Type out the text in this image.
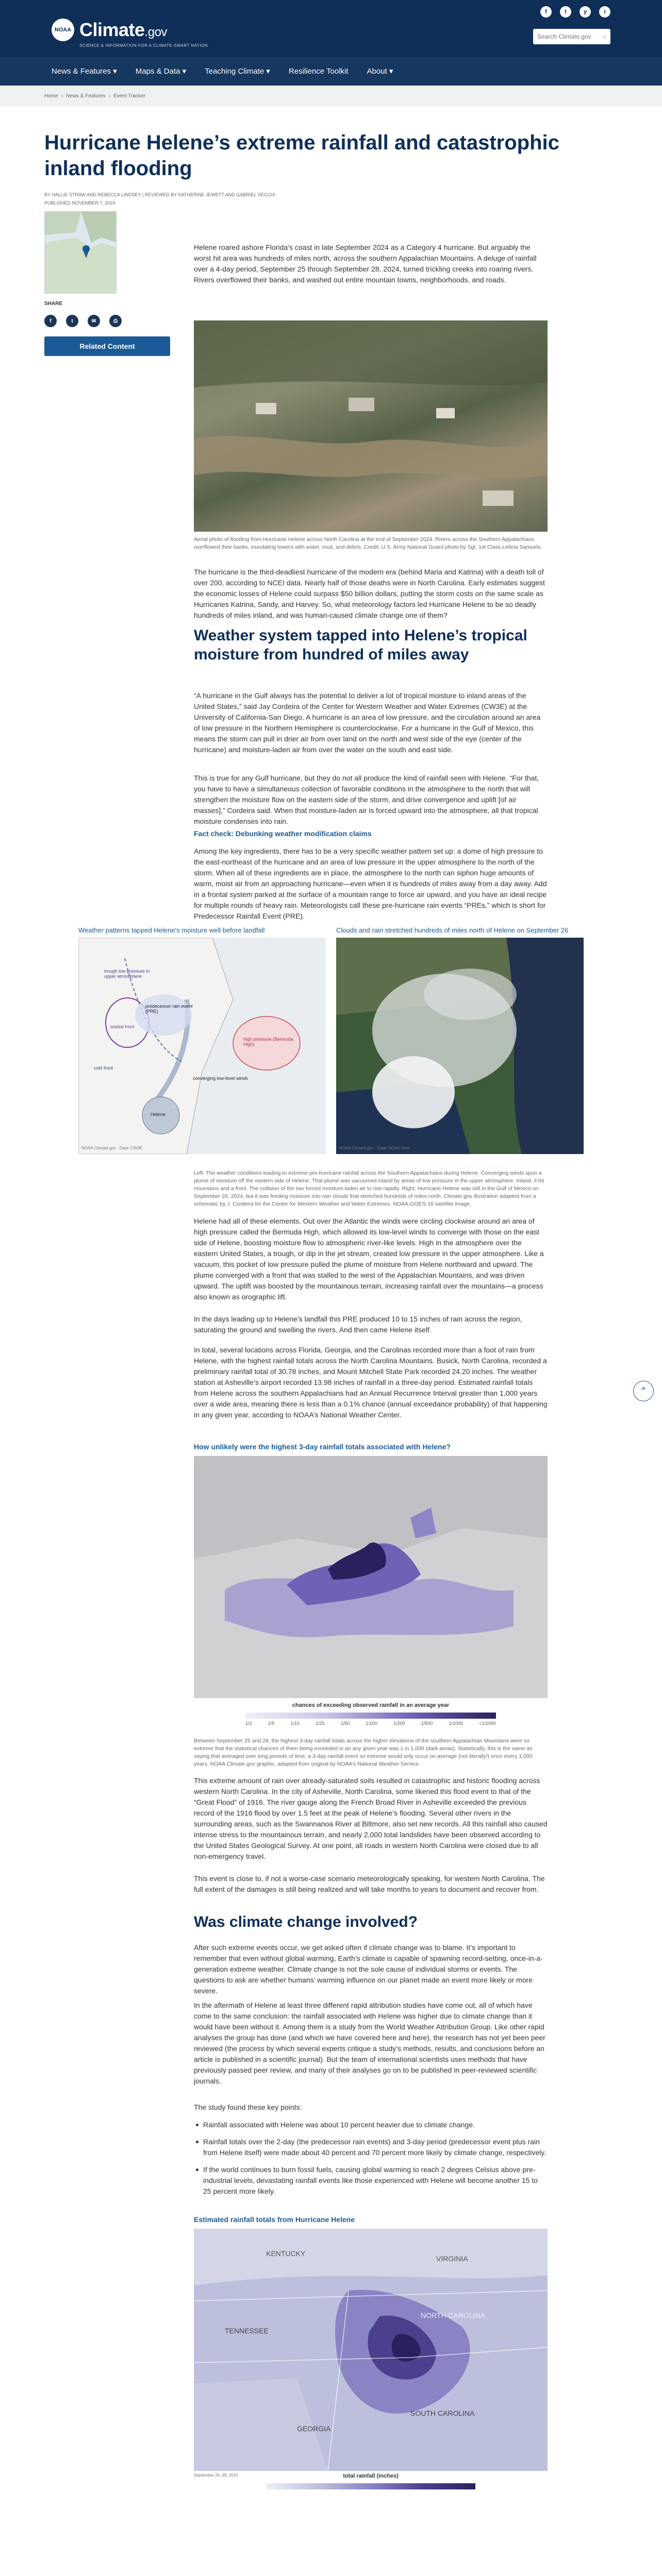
NOAA Climate.gov
SCIENCE & INFORMATION FOR A CLIMATE-SMART NATION
f	t	y	i
Search Climate.gov ⌕
News & Features ▾ Maps & Data ▾ Teaching Climate ▾ Resilience Toolkit About ▾
Home › News & Features › Event Tracker
Hurricane Helene’s extreme rainfall and catastrophic inland flooding
BY HALLIE STRAW AND REBECCA LINDSEY | REVIEWED BY KATHERINE JEWETT AND GABRIEL VECCHI
PUBLISHED NOVEMBER 7, 2024
SHARE
f	t	✉	⎙
Related Content

Helene roared ashore Florida’s coast in late September 2024 as a Category 4 hurricane. But arguably the worst hit area was hundreds of miles north, across the southern Appalachian Mountains. A deluge of rainfall over a 4-day period, September 25 through September 28, 2024, turned trickling creeks into roaring rivers. Rivers overflowed their banks, and washed out entire mountain towns, neighborhoods, and roads.

Aerial photo of flooding from Hurricane Helene across North Carolina at the end of September 2024. Rivers across the Southern Appalachians overflowed their banks, inundating towers with water, mud, and debris. Credit: U.S. Army National Guard photo by Sgt. 1st Class Leticia Samuels.

The hurricane is the third-deadliest hurricane of the modern era (behind Maria and Katrina) with a death toll of over 200, according to NCEI data. Nearly half of those deaths were in North Carolina. Early estimates suggest the economic losses of Helene could surpass $50 billion dollars, putting the storm costs on the same scale as Hurricanes Katrina, Sandy, and Harvey. So, what meteorology factors led Hurricane Helene to be so deadly hundreds of miles inland, and was human-caused climate change one of them?

Weather system tapped into Helene’s tropical moisture from hundred of miles away

“A hurricane in the Gulf always has the potential to deliver a lot of tropical moisture to inland areas of the United States,” said Jay Cordeira of the Center for Western Weather and Water Extremes (CW3E) at the University of California-San Diego. A hurricane is an area of low pressure, and the circulation around an area of low pressure in the Northern Hemisphere is counterclockwise. For a hurricane in the Gulf of Mexico, this means the storm can pull in drier air from over land on the north and west side of the eye (center of the hurricane) and moisture-laden air from over the water on the south and east side.

This is true for any Gulf hurricane, but they do not all produce the kind of rainfall seen with Helene. “For that, you have to have a simultaneous collection of favorable conditions in the atmosphere to the north that will strengthen the moisture flow on the eastern side of the storm, and drive convergence and uplift [of air masses],” Cordeira said. When that moisture-laden air is forced upward into the atmosphere, all that tropical moisture condenses into rain.

Fact check: Debunking weather modification claims

Among the key ingredients, there has to be a very specific weather pattern set up: a dome of high pressure to the east-northeast of the hurricane and an area of low pressure in the upper atmosphere to the north of the storm. When all of these ingredients are in place, the atmosphere to the north can siphon huge amounts of warm, moist air from an approaching hurricane—even when it is hundreds of miles away from a day away. Add in a frontal system parked at the surface of a mountain range to force air upward, and you have an ideal recipe for multiple rounds of heavy rain. Meteorologists call these pre-hurricane rain events “PREs,” which is short for Predecessor Rainfall Event (PRE).

Weather patterns tapped Helene's moisture well before landfall	Clouds and rain stretched hundreds of miles north of Helene on September 26
trough low pressure in upper atmosphere
predecessor rain event (PRE)
stalled front
cold front
converging low-level winds
high pressure (Bermuda High)
Helene
NOAA Climate.gov · Data: CW3E	NOAA Climate.gov · Data: NOAA View

Left: The weather conditions leading to extreme pre-hurricane rainfall across the Southern Appalachians during Helene. Converging winds spun a plume of moisture off the eastern side of Helene. That plume was vacuumed inland by areas of low pressure in the upper atmosphere. Inland, it hit mountains and a front. The collision of the two forced moisture-laden air to rise rapidly. Right: Hurricane Helene was still in the Gulf of Mexico on September 26, 2024, but it was feeding moisture into rain clouds that stretched hundreds of miles north. Climate.gov illustration adapted from a schematic by J. Cordeira for the Center for Western Weather and Water Extremes. NOAA-GOES-16 satellite image.

Helene had all of these elements. Out over the Atlantic the winds were circling clockwise around an area of high pressure called the Bermuda High, which allowed its low-level winds to converge with those on the east side of Helene, boosting moisture flow to atmospheric river-like levels. High in the atmosphere over the eastern United States, a trough, or dip in the jet stream, created low pressure in the upper atmosphere. Like a vacuum, this pocket of low pressure pulled the plume of moisture from Helene northward and upward. The plume converged with a front that was stalled to the west of the Appalachian Mountains, and was driven upward. The uplift was boosted by the mountainous terrain, increasing rainfall over the mountains—a process also known as orographic lift.

In the days leading up to Helene’s landfall this PRE produced 10 to 15 inches of rain across the region, saturating the ground and swelling the rivers. And then came Helene itself.

In total, several locations across Florida, Georgia, and the Carolinas recorded more than a foot of rain from Helene, with the highest rainfall totals across the North Carolina Mountains. Busick, North Carolina, recorded a preliminary rainfall total of 30.78 inches, and Mount Mitchell State Park recorded 24.20 inches. The weather station at Asheville’s airport recorded 13.98 inches of rainfall in a three-day period. Estimated rainfall totals from Helene across the southern Appalachians had an Annual Recurrence Interval greater than 1,000 years over a wide area, meaning there is less than a 0.1% chance (annual exceedance probability) of that happening in any given year, according to NOAA’s National Weather Center.

How unlikely were the highest 3-day rainfall totals associated with Helene?
chances of exceeding observed rainfall in an average year
1/2	1/5	1/10	1/25	1/50	1/100	1/200	1/500	1/1000	<1/1000

Between September 25 and 28, the highest 3-day rainfall totals across the higher elevations of the southern Appalachian Mountains were so extreme that the statistical chances of them being exceeded in an any given year was 1 in 1,000 (dark areas). Statistically, this is the same as saying that averaged over long periods of time, a 3-day rainfall event so extreme would only occur on average (not literally!) once every 1,000 years. NOAA Climate.gov graphic, adapted from original by NOAA’s National Weather Service.

This extreme amount of rain over already-saturated soils resulted in catastrophic and historic flooding across western North Carolina. In the city of Asheville, North Carolina, some likened this flood event to that of the “Great Flood” of 1916. The river gauge along the French Broad River in Asheville exceeded the previous record of the 1916 flood by over 1.5 feet at the peak of Helene’s flooding. Several other rivers in the surrounding areas, such as the Swannanoa River at Biltmore, also set new records. All this rainfall also caused intense stress to the mountainous terrain, and nearly 2,000 total landslides have been observed according to the United States Geological Survey. At one point, all roads in western North Carolina were closed due to all non-emergency travel.

This event is close to, if not a worse-case scenario meteorologically speaking, for western North Carolina. The full extent of the damages is still being realized and will take months to years to document and recover from.

Was climate change involved?

After such extreme events occur, we get asked often if climate change was to blame. It’s important to remember that even without global warming, Earth’s climate is capable of spawning record-setting, once-in-a-generation extreme weather. Climate change is not the sole cause of individual storms or events. The questions to ask are whether humans’ warming influence on our planet made an event more likely or more severe.

In the aftermath of Helene at least three different rapid attribution studies have come out, all of which have come to the same conclusion: the rainfall associated with Helene was higher due to climate change than it would have been without it. Among them is a study from the World Weather Attribution Group. Like other rapid analyses the group has done (and which we have covered here and here), the research has not yet been peer reviewed (the process by which several experts critique a study’s methods, results, and conclusions before an article is published in a scientific journal). But the team of international scientists uses methods that have previously passed peer review, and many of their analyses go on to be published in peer-reviewed scientific journals.

The study found these key points:

Rainfall associated with Helene was about 10 percent heavier due to climate change.
Rainfall totals over the 2-day (the predecessor rain events) and 3-day period (predecessor event plus rain from Helene itself) were made about 40 percent and 70 percent more likely by climate change, respectively.
If the world continues to burn fossil fuels, causing global warming to reach 2 degrees Celsius above pre-industrial levels, devastating rainfall events like those experienced with Helene will become another 15 to 25 percent more likely.
Estimated rainfall totals from Hurricane Helene
KENTUCKY
VIRGINIA
NORTH CAROLINA
TENNESSEE
SOUTH CAROLINA
GEORGIA
September 25–28, 2024	total rainfall (inches)
⌃
